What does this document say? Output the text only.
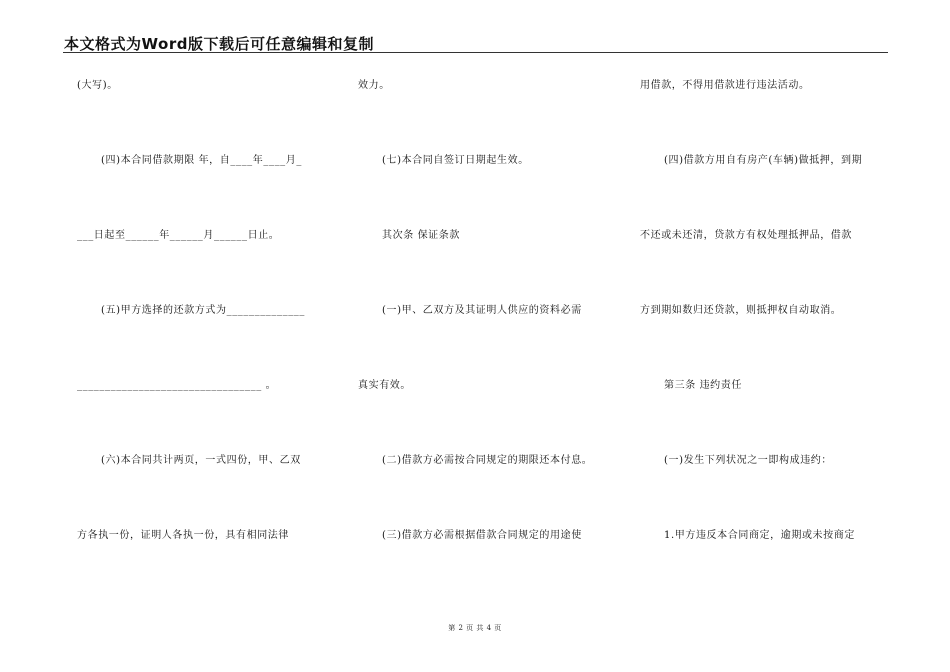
本文格式为Word版下载后可任意编辑和复制
(大写)。
(四)本合同借款期限 年，自____年____月_
___日起至______年______月______日止。
(五)甲方选择的还款方式为______________
_________________________________ 。
(六)本合同共计两页，一式四份，甲、乙双
方各执一份，证明人各执一份，具有相同法律
效力。
(七)本合同自签订日期起生效。
其次条 保证条款
(一)甲、乙双方及其证明人供应的资料必需
真实有效。
(二)借款方必需按合同规定的期限还本付息。
(三)借款方必需根据借款合同规定的用途使
用借款，不得用借款进行违法活动。
(四)借款方用自有房产(车辆)做抵押，到期
不还或未还清，贷款方有权处理抵押品，借款
方到期如数归还贷款，则抵押权自动取消。
第三条 违约责任
(一)发生下列状况之一即构成违约：
1.甲方违反本合同商定，逾期或未按商定
第 2 页 共 4 页
